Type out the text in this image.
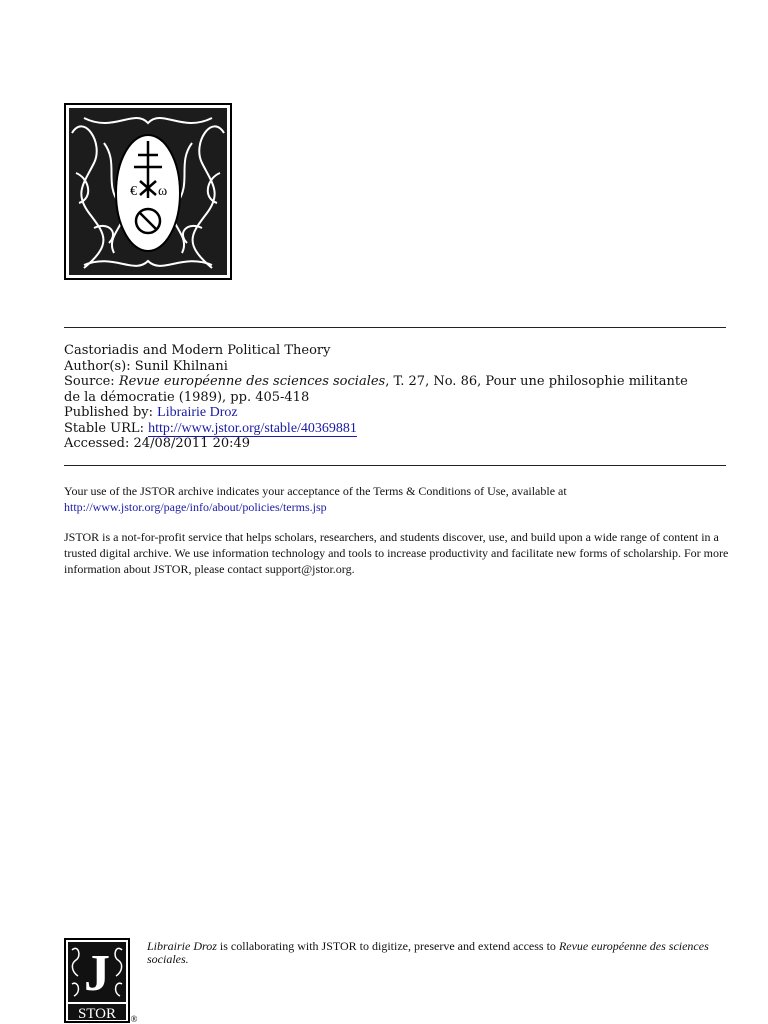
€ ω
Castoriadis and Modern Political Theory
Author(s): Sunil Khilnani
Source: Revue européenne des sciences sociales, T. 27, No. 86, Pour une philosophie militante
de la démocratie (1989), pp. 405-418
Published by: Librairie Droz
Stable URL: http://www.jstor.org/stable/40369881
Accessed: 24/08/2011 20:49

Your use of the JSTOR archive indicates your acceptance of the Terms & Conditions of Use, available at
http://www.jstor.org/page/info/about/policies/terms.jsp

JSTOR is a not-for-profit service that helps scholars, researchers, and students discover, use, and build upon a wide range of content in a trusted digital archive. We use information technology and tools to increase productivity and facilitate new forms of scholarship. For more information about JSTOR, please contact support@jstor.org.

J
STOR ®
Librairie Droz is collaborating with JSTOR to digitize, preserve and extend access to Revue européenne des sciences sociales.
